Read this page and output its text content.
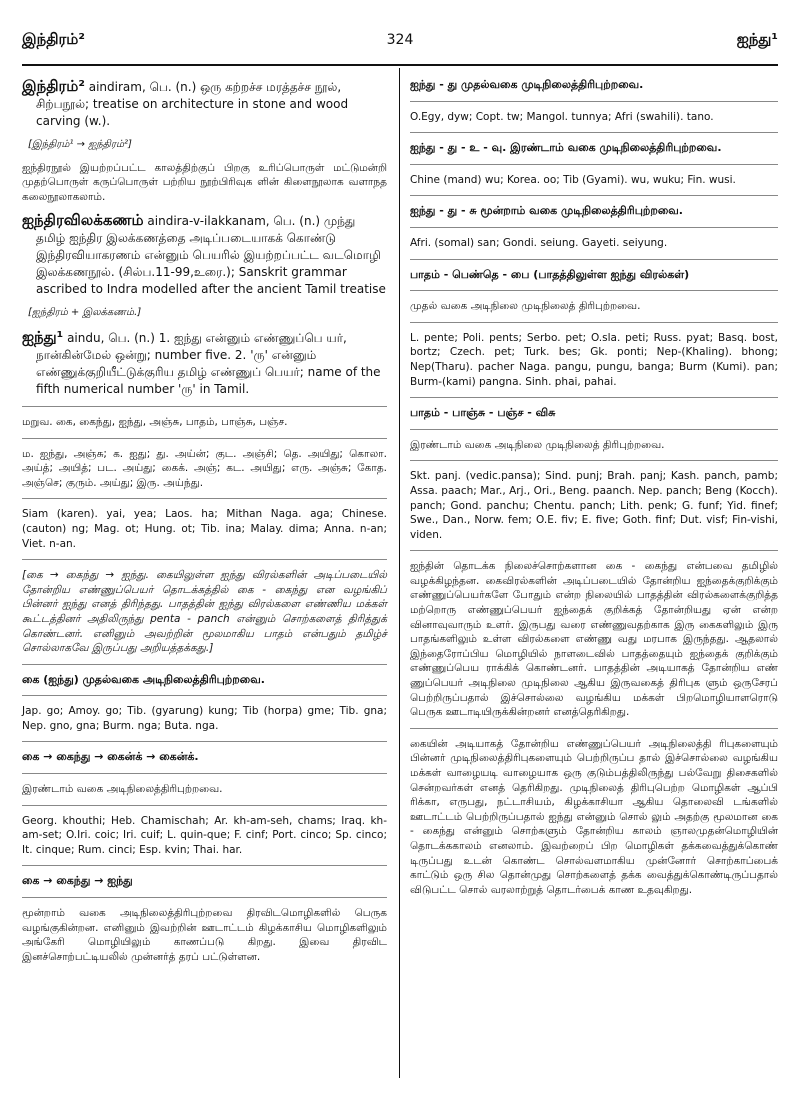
இந்திரம்²	324	ஐந்து¹

இந்திரம்² aindiram, பெ. (n.) ஒரு கற்றச்ச மரத்தச்ச நூல், சிற்பநூல்; treatise on architecture in stone and wood carving (w.).

[இந்திரம்¹ → ஐந்திரம்²]

ஐந்திரநூல் இயற்றப்பட்ட காலத்திற்குப் பிறகு உரிப்பொருள் மட்டுமன்றி முதற்பொருள் கருப்பொருள் பற்றிய நூற்பிரிவுக ளின் கிளைநூலாக வளாநத கலைநூலாகலாம்.

ஐந்திரவிலக்கணம் aindira-v-ilakkanam, பெ. (n.) முந்து தமிழ் ஐந்திர இலக்கணத்தை அடிப்படையாகக் கொண்டு இந்திரவியாகரணம் என்னும் பெயரில் இயற்றப்பட்ட வடமொழி இலக்கணநூல். (சில்ப.11-99,உரை.); Sanskrit grammar ascribed to Indra modelled after the ancient Tamil treatise

[ஐந்திரம் + இலக்கணம்.]

ஐந்து¹ aindu, பெ. (n.) 1. ஐந்து என்னும் எண்ணுப்பெ யர், நான்கின்மேல் ஒன்று; number five. 2. 'ரு' என்னும் எண்ணுக்குறியீட்டுக்குரிய தமிழ் எண்ணுப் பெயர்; name of the fifth numerical number 'ரு' in Tamil.

மறுவ. கை, கைந்து, ஐந்து, அஞ்சு, பாதம், பாஞ்சு, பஞ்ச.

ம. ஐந்து, அஞ்சு; க. ஐது; து. அய்ன்; குட. அஞ்சி; தெ. அயிது; கொலா. அய்த்; அயித்; பட. அய்து; கைக். அஞ்; கட. அயிது; எரு. அஞ்சு; கோத. அஞ்செ; குரும். அய்து; இரு. அய்ந்து.

Siam (karen). yai, yea; Laos. ha; Mithan Naga. aga; Chinese. (cauton) ng; Mag. ot; Hung. ot; Tib. ina; Malay. dima; Anna. n-an; Viet. n-an.

[கை → கைந்து → ஐந்து. கையிலுள்ள ஐந்து விரல்களின் அடிப்படையில் தோன்றிய எண்ணுப்பெயர் தொடக்கத்தில் கை - கைந்து என வழங்கிப் பின்னர் ஐந்து எனத் திரிந்தது. பாதத்தின் ஐந்து விரல்களை எண்ணிய மக்கள் கூட்டத்தினர் அதிலிருந்து penta - panch என்னும் சொற்களைத் திரித்துக் கொண்டனர். எனினும் அவற்றின் மூலமாகிய பாதம் என்பதும் தமிழ்ச் சொல்லாகவே இருப்பது அறியத்தக்கது.]

கை (ஐந்து) முதல்வகை அடிநிலைத்திரிபுற்றவை.

Jap. go; Amoy. go; Tib. (gyarung) kung; Tib (horpa) gme; Tib. gna; Nep. gno, gna; Burm. nga; Buta. nga.

கை → கைந்து → கைன்க் → கைன்க்.

இரண்டாம் வகை அடிநிலைத்திரிபுற்றவை.

Georg. khouthi; Heb. Chamischah; Ar. kh-am-seh, chams; Iraq. kh-am-set; O.Iri. coic; Iri. cuif; L. quin-que; F. cinf; Port. cinco; Sp. cinco; It. cinque; Rum. cinci; Esp. kvin; Thai. har.

கை → கைந்து → ஐந்து

மூன்றாம் வகை அடிநிலைத்திரிபுற்றவை திரவிடமொழிகளில் பெருக வழங்குகின்றன. எனினும் இவற்றின் ஊடாட்டம் கிழக்காசிய மொழிகளிலும் அங்கேரி மொழியிலும் காணப்படு கிறது. இவை திரவிட இனச்சொற்பட்டியலில் முன்னர்த் தரப் பட்டுள்ளன.

ஐந்து - து முதல்வகை முடிநிலைத்திரிபுற்றவை.

O.Egy, dyw; Copt. tw; Mangol. tunnya; Afri (swahili). tano.

ஐந்து - து - உ - வு. இரண்டாம் வகை முடிநிலைத்திரிபுற்றவை.

Chine (mand) wu; Korea. oo; Tib (Gyami). wu, wuku; Fin. wusi.

ஐந்து - து - சு மூன்றாம் வகை முடிநிலைத்திரிபுற்றவை.

Afri. (somal) san; Gondi. seiung. Gayeti. seiyung.

பாதம் - பெண்தெ - பை (பாதத்திலுள்ள ஐந்து விரல்கள்)

முதல் வகை அடிநிலை முடிநிலைத் திரிபுற்றவை.

L. pente; Poli. pents; Serbo. pet; O.sla. peti; Russ. pyat; Basq. bost, bortz; Czech. pet; Turk. bes; Gk. ponti; Nep-(Khaling). bhong; Nep(Tharu). pacher Naga. pangu, pungu, banga; Burm (Kumi). pan; Burm-(kami) pangna. Sinh. phai, pahai.

பாதம் - பாஞ்சு - பஞ்ச - விசு

இரண்டாம் வகை அடிநிலை முடிநிலைத் திரிபுற்றவை.

Skt. panj. (vedic.pansa); Sind. punj; Brah. panj; Kash. panch, pamb; Assa. paach; Mar., Arj., Ori., Beng. paanch. Nep. panch; Beng (Kocch). panch; Gond. panchu; Chentu. panch; Lith. penk; G. funf; Yid. finef; Swe., Dan., Norw. fem; O.E. fiv; E. five; Goth. finf; Dut. visf; Fin-vishi, viden.

ஐந்தின் தொடக்க நிலைச்சொற்களான கை - கைந்து என்பவை தமிழில் வழக்கிழந்தன. கைவிரல்களின் அடிப்படையில் தோன்றிய ஐந்தைக்குறிக்கும் எண்ணுப்பெயர்களே போதும் என்ற நிலையில் பாதத்தின் விரல்களைக்குறித்த மற்றொரு எண்ணுப்பெயர் ஐந்தைக் குறிக்கத் தோன்றியது ஏன் என்ற வினாவுவாரும் உளர். இருபது வரை எண்ணுவதற்காக இரு கைகளிலும் இரு பாதங்களிலும் உள்ள விரல்களை எண்ணு வது மரபாக இருந்தது. ஆதலால் இந்தைரோப்பிய மொழியில் நாளடைவில் பாதத்தையும் ஐந்தைக் குறிக்கும் எண்ணுப்பெய ராக்கிக் கொண்டனர். பாதத்தின் அடியாகத் தோன்றிய எண் ணுப்பெயர் அடிநிலை முடிநிலை ஆகிய இருவகைத் திரிபுக ளும் ஒருசேரப் பெற்றிருப்பதால் இச்சொல்லை வழங்கிய மக்கள் பிறமொழியாளரொடு பெருக ஊடாடியிருக்கின்றனர் எனத்தெரிகிறது.

கையின் அடியாகத் தோன்றிய எண்ணுப்பெயர் அடிநிலைத்தி ரிபுகளையும் பின்னர் முடிநிலைத்திரிபுகளையும் பெற்றிருப்ப தால் இச்சொல்லை வழங்கிய மக்கள் வாழையடி வாழையாக ஒரு குடும்பத்திலிருந்து பல்வேறு திசைகளில் சென்றவர்கள் எனத் தெரிகிறது. முடிநிலைத் திரிபுபெற்ற மொழிகள் ஆப்பி ரிக்கா, எருபது, நட்டாசியம், கிழக்காசியா ஆகிய தொலைவி டங்களில் ஊடாட்டம் பெற்றிருப்பதால் ஐந்து என்னும் சொல் லும் அதற்கு மூலமான கை - கைந்து என்னும் சொற்களும் தோன்றிய காலம் ஞாலமுதன்மொழியின் தொடக்ககாலம் எனலாம். இவற்றைப் பிற மொழிகள் தக்கவைத்துக்கொண் டிருப்பது உடன் கொண்ட சொல்வளமாகிய முன்னோர் சொற்காப்பைக் காட்டும் ஒரு சில தொன்முது சொற்களைத் தக்க வைத்துக்கொண்டிருப்பதால் விடுபட்ட சொல் வரலாற்றுத் தொடர்பைக் காண உதவுகிறது.
